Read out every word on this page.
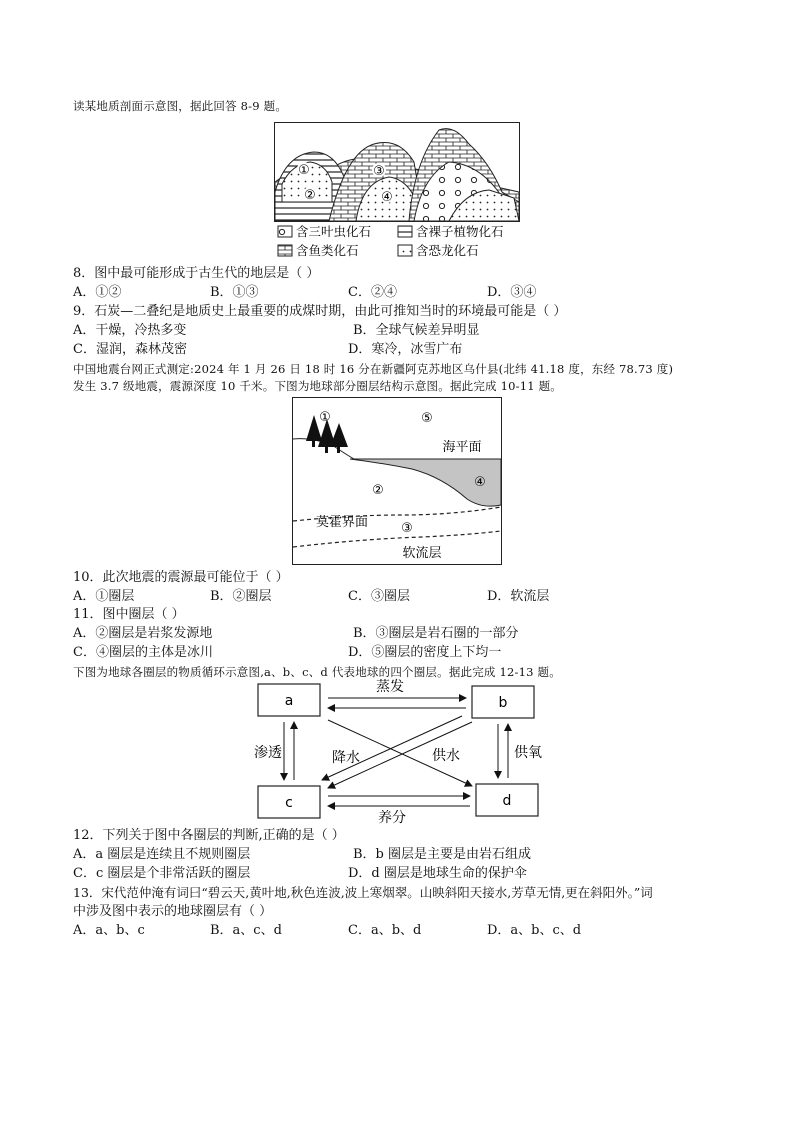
读某地质剖面示意图，据此回答 8-9 题。
①
②
③
④
含三叶虫化石	含裸子植物化石
含鱼类化石	含恐龙化石
8．图中最可能形成于古生代的地层是（ ）
A．①②	B．①③	C．②④	D．③④
9．石炭—二叠纪是地质史上最重要的成煤时期，由此可推知当时的环境最可能是（ ）
A．干燥，冷热多变	B．全球气候差异明显
C．湿润，森林茂密	D．寒冷，冰雪广布
中国地震台网正式测定:2024 年 1 月 26 日 18 时 16 分在新疆阿克苏地区乌什县(北纬 41.18 度，东经 78.73 度)
发生 3.7 级地震，震源深度 10 千米。下图为地球部分圈层结构示意图。据此完成 10-11 题。
①	⑤
海平面
②
④
莫霍界面	③
软流层
10．此次地震的震源最可能位于（ ）
A．①圈层	B．②圈层	C．③圈层	D．软流层
11．图中圈层（ ）
A．②圈层是岩浆发源地	B．③圈层是岩石圈的一部分
C．④圈层的主体是冰川	D．⑤圈层的密度上下均一
下图为地球各圈层的物质循环示意图,a、b、c、d 代表地球的四个圈层。据此完成 12-13 题。
a	b
c	d
蒸发
渗透	降水	供水	供氧
养分
12．下列关于图中各圈层的判断,正确的是（ ）
A．a 圈层是连续且不规则圈层	B．b 圈层是主要是由岩石组成
C．c 圈层是个非常活跃的圈层	D．d 圈层是地球生命的保护伞
13．宋代范仲淹有词曰“碧云天,黄叶地,秋色连波,波上寒烟翠。山映斜阳天接水,芳草无情,更在斜阳外。”词
中涉及图中表示的地球圈层有（ ）
A．a、b、c	B．a、c、d	C．a、b、d	D．a、b、c、d
